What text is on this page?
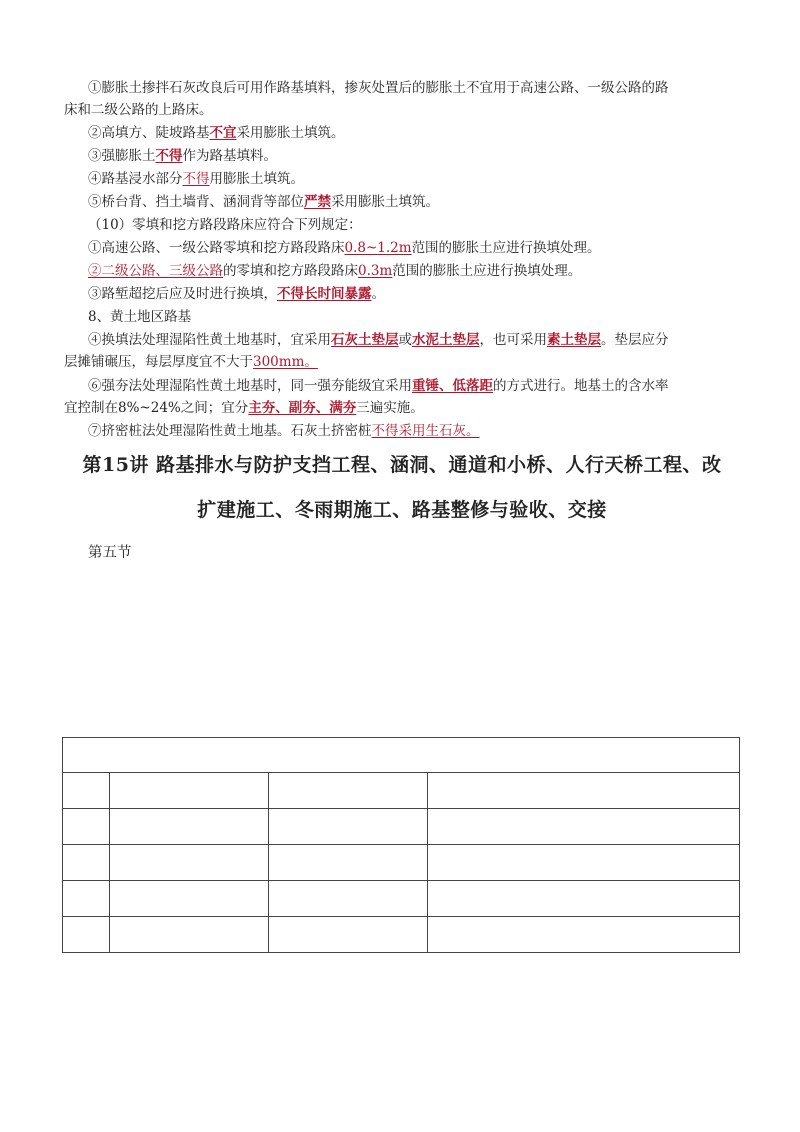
①膨胀土掺拌石灰改良后可用作路基填料，掺灰处置后的膨胀土不宜用于高速公路、一级公路的路
床和二级公路的上路床。
②高填方、陡坡路基不宜采用膨胀土填筑。
③强膨胀土不得作为路基填料。
④路基浸水部分不得用膨胀土填筑。
⑤桥台背、挡土墙背、涵洞背等部位严禁采用膨胀土填筑。
（10）零填和挖方路段路床应符合下列规定：
①高速公路、一级公路零填和挖方路段路床0.8~1.2m范围的膨胀土应进行换填处理。
②二级公路、三级公路的零填和挖方路段路床0.3m范围的膨胀土应进行换填处理。
③路堑超挖后应及时进行换填，不得长时间暴露。
8、黄土地区路基
④换填法处理湿陷性黄土地基时，宜采用石灰土垫层或水泥土垫层，也可采用素土垫层。垫层应分
层摊铺碾压，每层厚度宜不大于300mm。
⑥强夯法处理湿陷性黄土地基时，同一强夯能级宜采用重锤、低落距的方式进行。地基土的含水率
宜控制在8%~24%之间；宜分主夯、副夯、满夯三遍实施。
⑦挤密桩法处理湿陷性黄土地基。石灰土挤密桩不得采用生石灰。
第15讲 路基排水与防护支挡工程、涵洞、通道和小桥、人行天桥工程、改
扩建施工、冬雨期施工、路基整修与验收、交接
第五节
